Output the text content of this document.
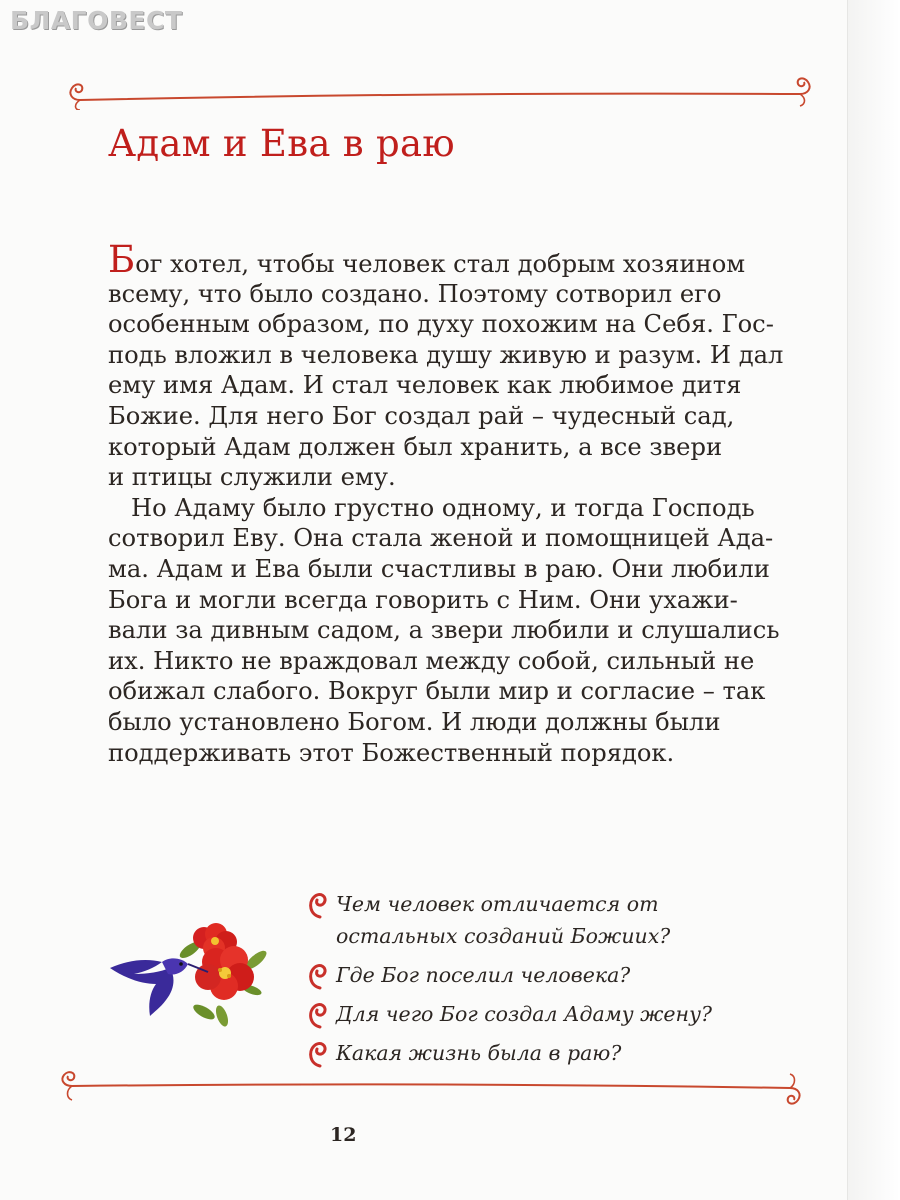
БЛАГОВЕСТ
Адам и Ева в раю
Бог хотел, чтобы человек стал добрым хозяином
всему, что было создано. Поэтому сотворил его
особенным образом, по духу похожим на Себя. Гос-
подь вложил в человека душу живую и разум. И дал
ему имя Адам. И стал человек как любимое дитя
Божие. Для него Бог создал рай – чудесный сад,
который Адам должен был хранить, а все звери
и птицы служили ему.
Но Адаму было грустно одному, и тогда Господь
сотворил Еву. Она стала женой и помощницей Ада-
ма. Адам и Ева были счастливы в раю. Они любили
Бога и могли всегда говорить с Ним. Они ухажи-
вали за дивным садом, а звери любили и слушались
их. Никто не враждовал между собой, сильный не
обижал слабого. Вокруг были мир и согласие – так
было установлено Богом. И люди должны были
поддерживать этот Божественный порядок.
Чем человек отличается от
остальных созданий Божиих?
Где Бог поселил человека?
Для чего Бог создал Адаму жену?
Какая жизнь была в раю?
12
